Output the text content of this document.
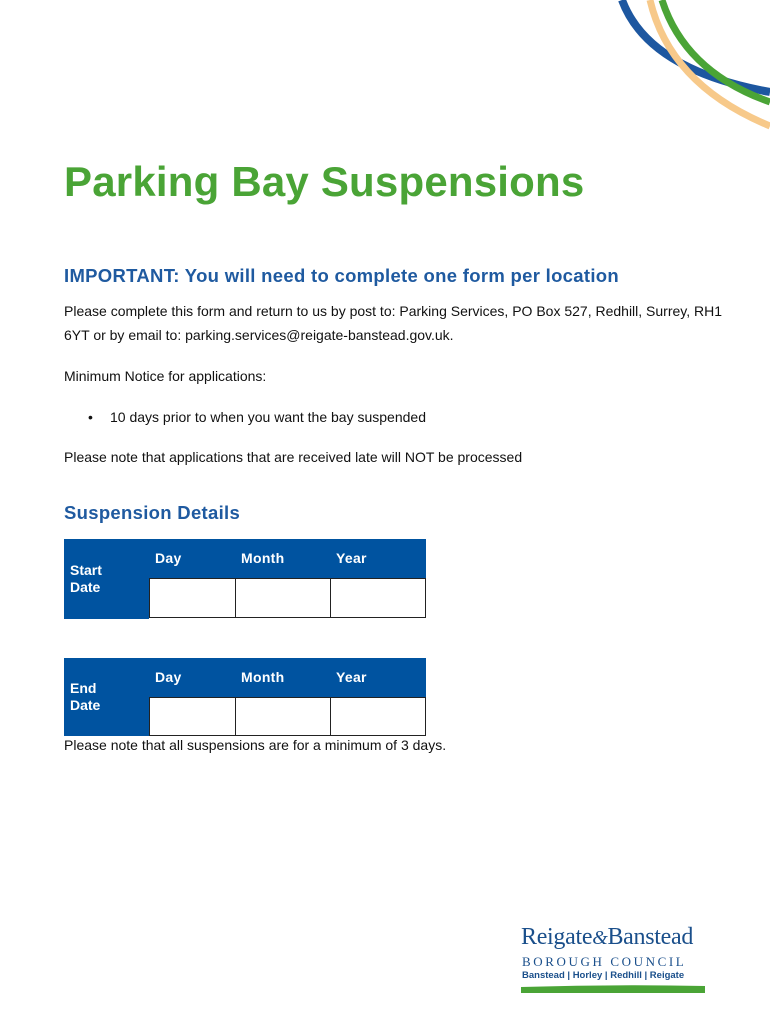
Parking Bay Suspensions
IMPORTANT: You will need to complete one form per location

Please complete this form and return to us by post to: Parking Services, PO Box 527, Redhill, Surrey, RH1 6YT or by email to: parking.services@reigate-banstead.gov.uk.

Minimum Notice for applications:

• 10 days prior to when you want the bay suspended

Please note that applications that are received late will NOT be processed

Suspension Details
Start Date
Day	Month	Year
End Date
Day	Month	Year

Please note that all suspensions are for a minimum of 3 days.

Reigate&Banstead
BOROUGH COUNCIL
Banstead | Horley | Redhill | Reigate
